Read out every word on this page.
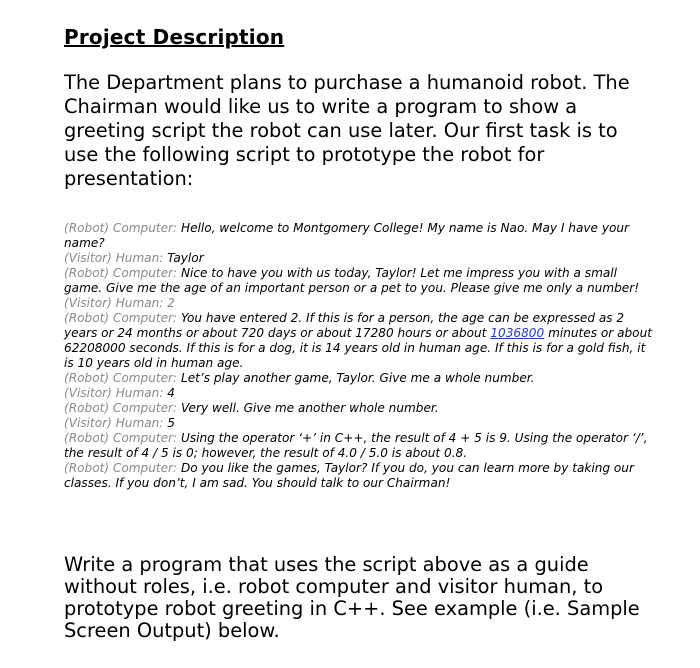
Project Description

The Department plans to purchase a humanoid robot. The Chairman would like us to write a program to show a greeting script the robot can use later. Our first task is to use the following script to prototype the robot for presentation:

(Robot) Computer: Hello, welcome to Montgomery College! My name is Nao. May I have your name?

(Visitor) Human: Taylor

(Robot) Computer: Nice to have you with us today, Taylor! Let me impress you with a small game. Give me the age of an important person or a pet to you. Please give me only a number!

(Visitor) Human: 2

(Robot) Computer: You have entered 2. If this is for a person, the age can be expressed as 2 years or 24 months or about 720 days or about 17280 hours or about 1036800 minutes or about 62208000 seconds. If this is for a dog, it is 14 years old in human age. If this is for a gold fish, it is 10 years old in human age.

(Robot) Computer: Let’s play another game, Taylor. Give me a whole number.

(Visitor) Human: 4

(Robot) Computer: Very well. Give me another whole number.

(Visitor) Human: 5

(Robot) Computer: Using the operator ‘+’ in C++, the result of 4 + 5 is 9. Using the operator ‘/’, the result of 4 / 5 is 0; however, the result of 4.0 / 5.0 is about 0.8.

(Robot) Computer: Do you like the games, Taylor? If you do, you can learn more by taking our classes. If you don’t, I am sad. You should talk to our Chairman!

Write a program that uses the script above as a guide without roles, i.e. robot computer and visitor human, to prototype robot greeting in C++. See example (i.e. Sample Screen Output) below.
